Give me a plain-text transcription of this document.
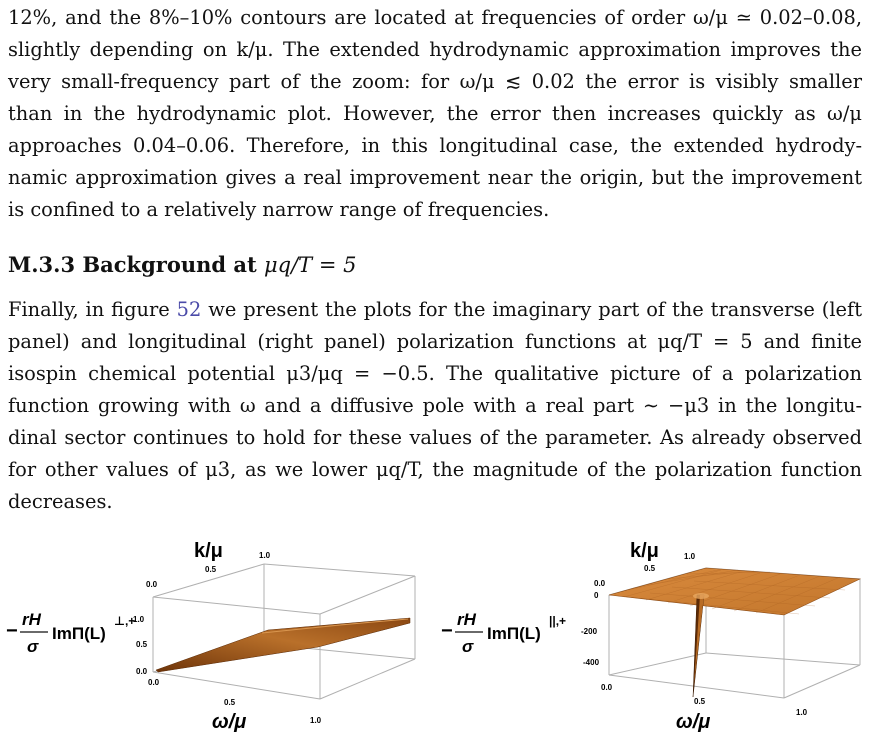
12%, and the 8%–10% contours are located at frequencies of order ω/μ ≃ 0.02–0.08,
slightly depending on k/μ. The extended hydrodynamic approximation improves the
very small-frequency part of the zoom: for ω/μ ≲ 0.02 the error is visibly smaller
than in the hydrodynamic plot. However, the error then increases quickly as ω/μ
approaches 0.04–0.06. Therefore, in this longitudinal case, the extended hydrody-
namic approximation gives a real improvement near the origin, but the improvement
is confined to a relatively narrow range of frequencies.

M.3.3 Background at μq/T = 5

Finally, in figure 52 we present the plots for the imaginary part of the transverse (left
panel) and longitudinal (right panel) polarization functions at μq/T = 5 and finite
isospin chemical potential μ3/μq = −0.5. The qualitative picture of a polarization
function growing with ω and a diffusive pole with a real part ∼ −μ3 in the longitu-
dinal sector continues to hold for these values of the parameter. As already observed
for other values of μ3, as we lower μq/T, the magnitude of the polarization function
decreases.

k/μ
ω/μ
0.0
0.5
1.0
0.0
0.5
1.0
0.0
0.5
1.0
−
rH
σ
ImΠ(L)
⊥,+
k/μ
ω/μ
0.0
0.5
1.0
0
-200
-400
0.0
0.5
1.0
−
rH
σ
ImΠ(L)
||,+
